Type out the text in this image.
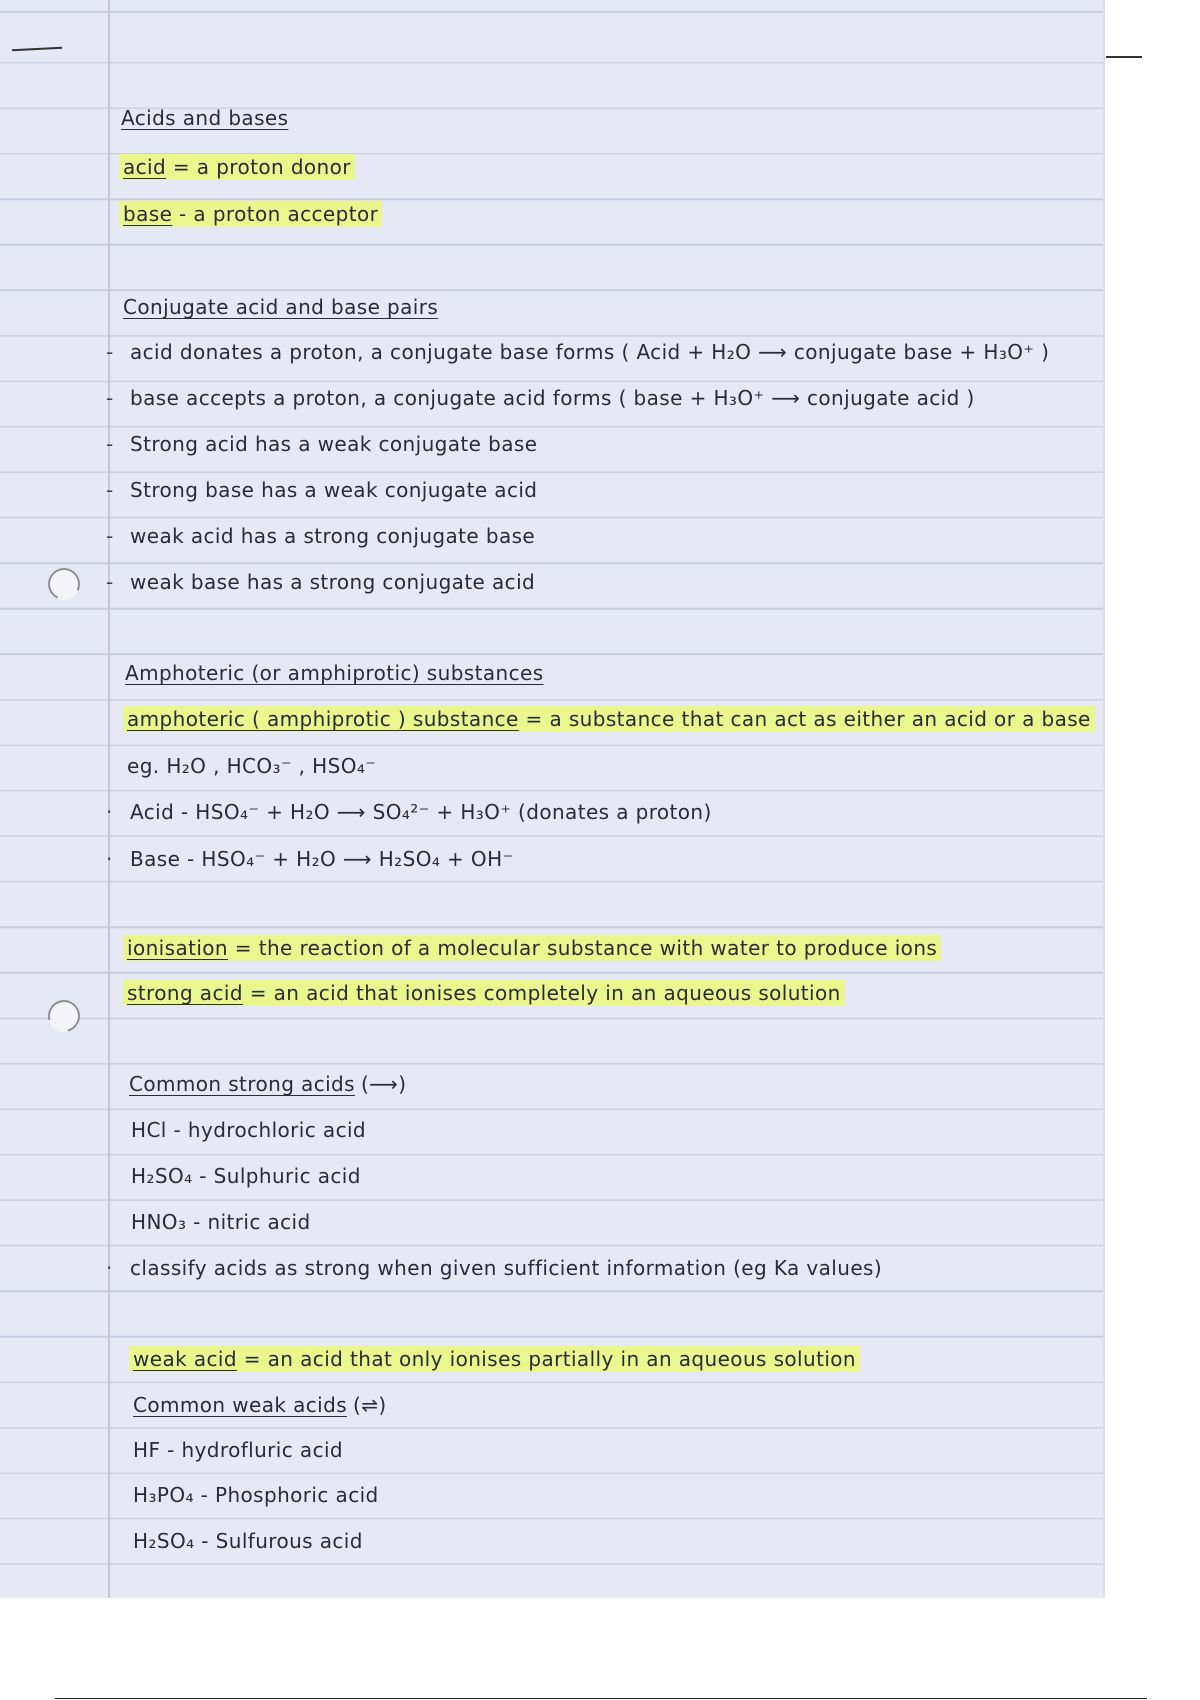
Acids and bases
acid = a proton donor
base - a proton acceptor
Conjugate acid and base pairs
- acid donates a proton, a conjugate base forms ( Acid + H₂O ⟶ conjugate base + H₃O⁺ )
- base accepts a proton, a conjugate acid forms ( base + H₃O⁺ ⟶ conjugate acid )
- Strong acid has a weak conjugate base
- Strong base has a weak conjugate acid
- weak acid has a strong conjugate base
- weak base has a strong conjugate acid
Amphoteric (or amphiprotic) substances
amphoteric ( amphiprotic ) substance = a substance that can act as either an acid or a base
eg. H₂O , HCO₃⁻ , HSO₄⁻
· Acid - HSO₄⁻ + H₂O ⟶ SO₄²⁻ + H₃O⁺ (donates a proton)
· Base - HSO₄⁻ + H₂O ⟶ H₂SO₄ + OH⁻
ionisation = the reaction of a molecular substance with water to produce ions
strong acid = an acid that ionises completely in an aqueous solution
Common strong acids (⟶)
HCl - hydrochloric acid
H₂SO₄ - Sulphuric acid
HNO₃ - nitric acid
· classify acids as strong when given sufficient information (eg Ka values)
weak acid = an acid that only ionises partially in an aqueous solution
Common weak acids (⇌)
HF - hydrofluric acid
H₃PO₄ - Phosphoric acid
H₂SO₄ - Sulfurous acid
